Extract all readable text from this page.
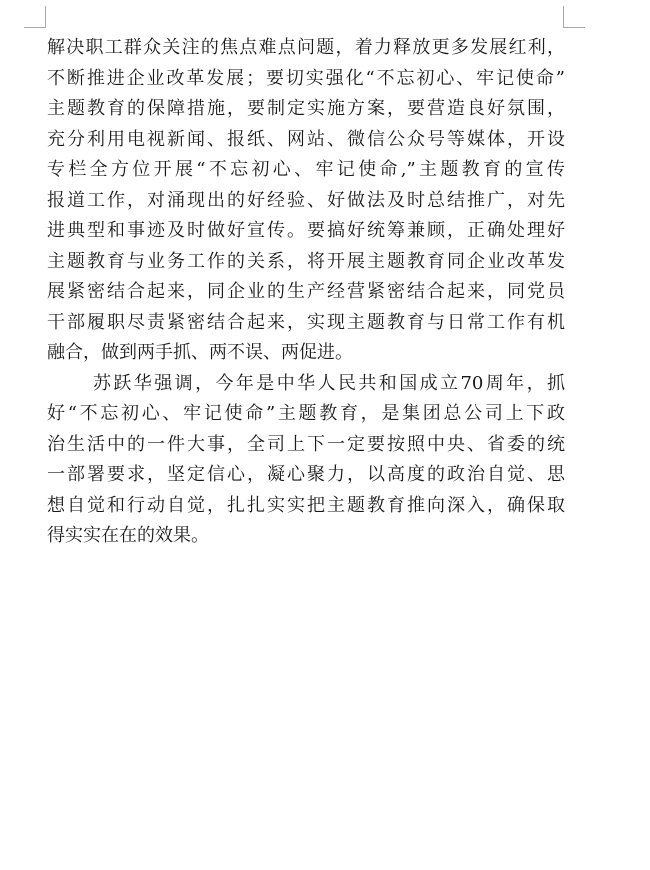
解决职工群众关注的焦点难点问题，着力释放更多发展红利，
不断推进企业改革发展；要切实强化“不忘初心、牢记使命”
主题教育的保障措施，要制定实施方案，要营造良好氛围，
充分利用电视新闻、报纸、网站、微信公众号等媒体，开设
专栏全方位开展“不忘初心、牢记使命,”主题教育的宣传
报道工作，对涌现出的好经验、好做法及时总结推广，对先
进典型和事迹及时做好宣传。要搞好统筹兼顾，正确处理好
主题教育与业务工作的关系，将开展主题教育同企业改革发
展紧密结合起来，同企业的生产经营紧密结合起来，同党员
干部履职尽责紧密结合起来，实现主题教育与日常工作有机
融合，做到两手抓、两不误、两促进。
苏跃华强调，今年是中华人民共和国成立70周年，抓
好“不忘初心、牢记使命”主题教育，是集团总公司上下政
治生活中的一件大事，全司上下一定要按照中央、省委的统
一部署要求，坚定信心，凝心聚力，以高度的政治自觉、思
想自觉和行动自觉，扎扎实实把主题教育推向深入，确保取
得实实在在的效果。
